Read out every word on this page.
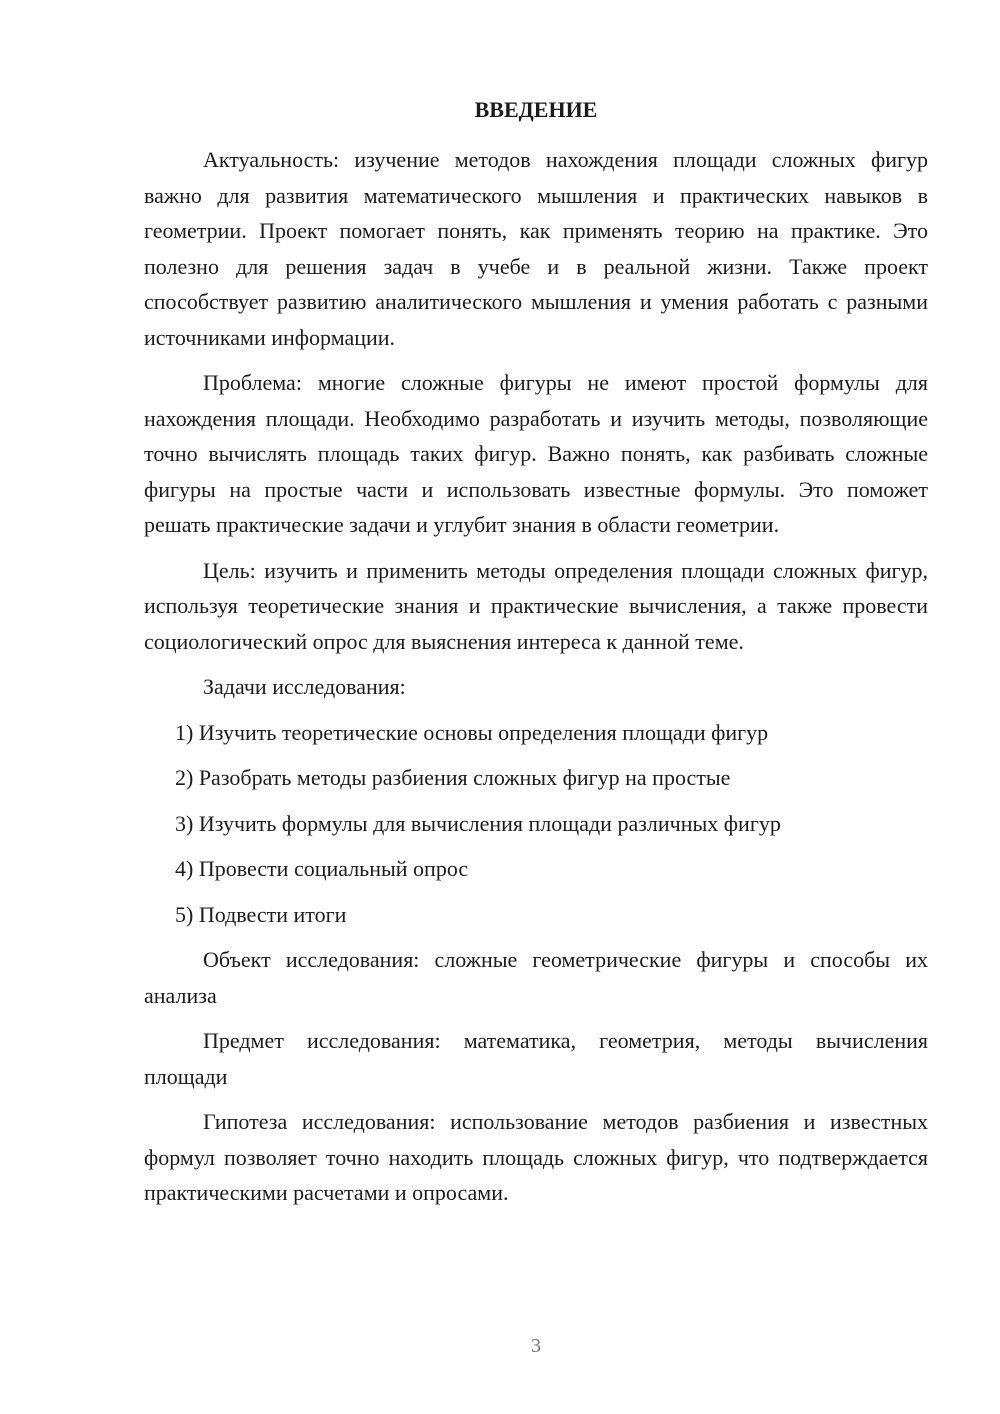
ВВЕДЕНИЕ

Актуальность: изучение методов нахождения площади сложных фигур важно для развития математического мышления и практических навыков в геометрии. Проект помогает понять, как применять теорию на практике. Это полезно для решения задач в учебе и в реальной жизни. Также проект способствует развитию аналитического мышления и умения работать с разными источниками информации.

Проблема: многие сложные фигуры не имеют простой формулы для нахождения площади. Необходимо разработать и изучить методы, позволяющие точно вычислять площадь таких фигур. Важно понять, как разбивать сложные фигуры на простые части и использовать известные формулы. Это поможет решать практические задачи и углубит знания в области геометрии.

Цель: изучить и применить методы определения площади сложных фигур, используя теоретические знания и практические вычисления, а также провести социологический опрос для выяснения интереса к данной теме.

Задачи исследования:

1) Изучить теоретические основы определения площади фигур
2) Разобрать методы разбиения сложных фигур на простые
3) Изучить формулы для вычисления площади различных фигур
4) Провести социальный опрос
5) Подвести итоги

Объект исследования: сложные геометрические фигуры и способы их анализа

Предмет исследования: математика, геометрия, методы вычисления площади

Гипотеза исследования: использование методов разбиения и известных формул позволяет точно находить площадь сложных фигур, что подтверждается практическими расчетами и опросами.

3
